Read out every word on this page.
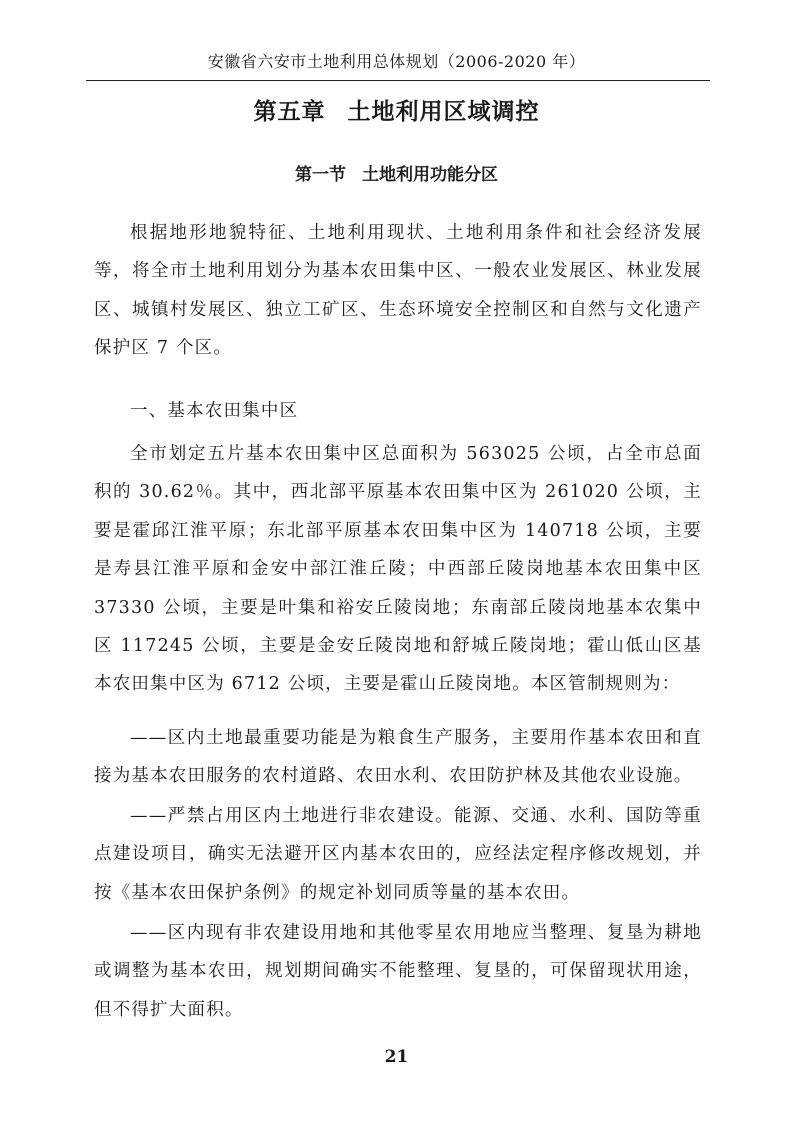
安徽省六安市土地利用总体规划（2006-2020 年）
第五章 土地利用区域调控
第一节 土地利用功能分区

根据地形地貌特征、土地利用现状、土地利用条件和社会经济发展等，将全市土地利用划分为基本农田集中区、一般农业发展区、林业发展区、城镇村发展区、独立工矿区、生态环境安全控制区和自然与文化遗产保护区 7 个区。

一、基本农田集中区

全市划定五片基本农田集中区总面积为 563025 公顷，占全市总面积的 30.62％。其中，西北部平原基本农田集中区为 261020 公顷，主要是霍邱江淮平原；东北部平原基本农田集中区为 140718 公顷，主要是寿县江淮平原和金安中部江淮丘陵；中西部丘陵岗地基本农田集中区 37330 公顷，主要是叶集和裕安丘陵岗地；东南部丘陵岗地基本农集中区 117245 公顷，主要是金安丘陵岗地和舒城丘陵岗地；霍山低山区基本农田集中区为 6712 公顷，主要是霍山丘陵岗地。本区管制规则为：

——区内土地最重要功能是为粮食生产服务，主要用作基本农田和直接为基本农田服务的农村道路、农田水利、农田防护林及其他农业设施。

——严禁占用区内土地进行非农建设。能源、交通、水利、国防等重点建设项目，确实无法避开区内基本农田的，应经法定程序修改规划，并按《基本农田保护条例》的规定补划同质等量的基本农田。

——区内现有非农建设用地和其他零星农用地应当整理、复垦为耕地或调整为基本农田，规划期间确实不能整理、复垦的，可保留现状用途，但不得扩大面积。

21
